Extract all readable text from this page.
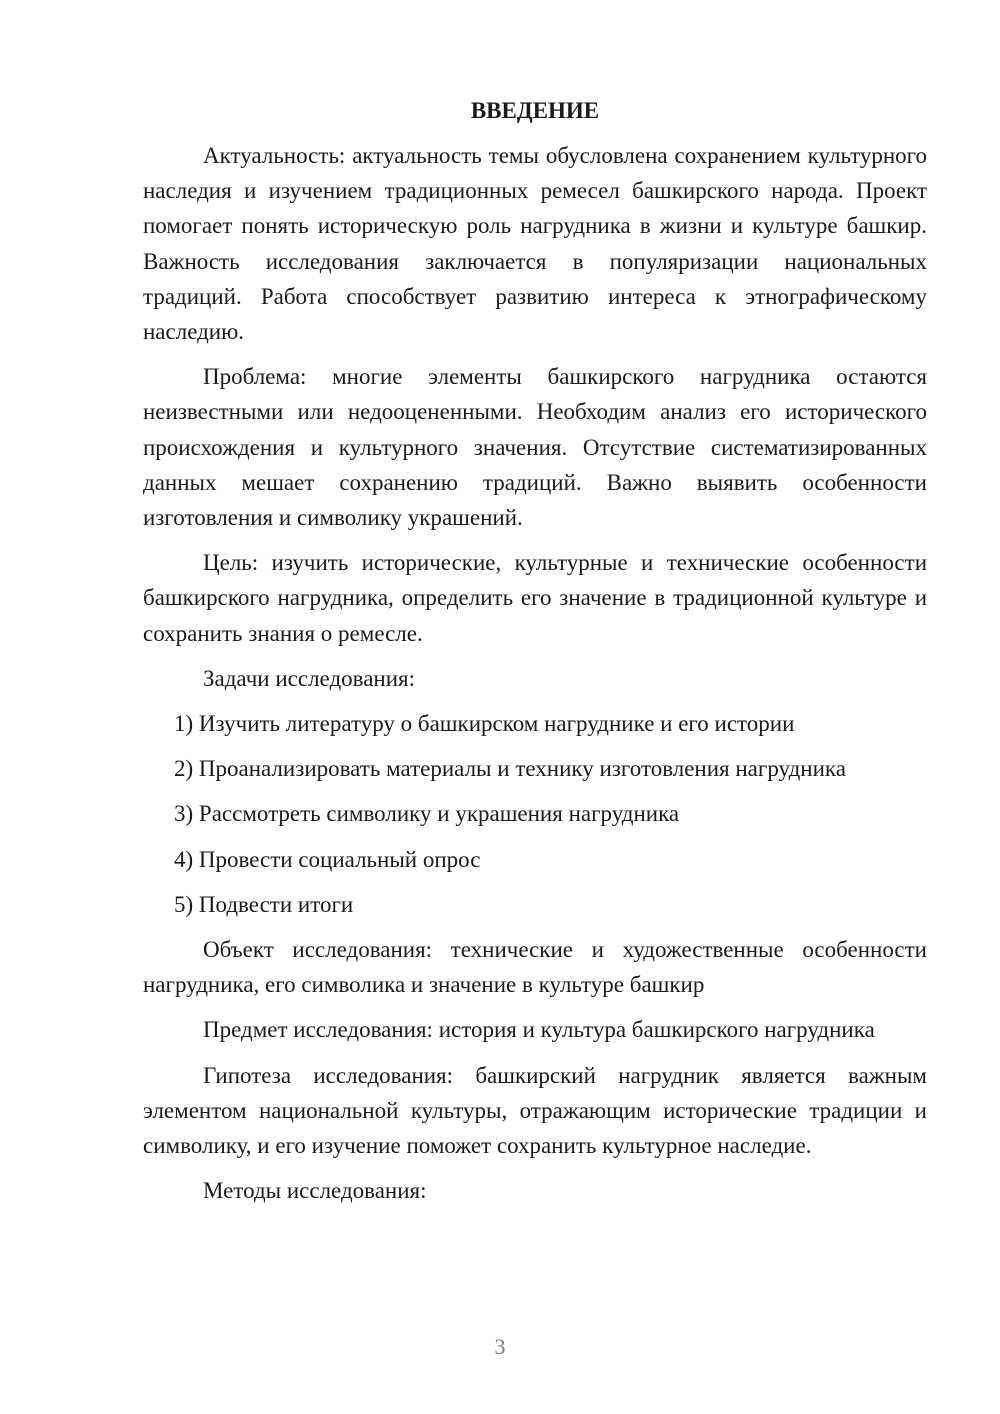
ВВЕДЕНИЕ

Актуальность: актуальность темы обусловлена сохранением культурного наследия и изучением традиционных ремесел башкирского народа. Проект помогает понять историческую роль нагрудника в жизни и культуре башкир. Важность исследования заключается в популяризации национальных традиций. Работа способствует развитию интереса к этнографическому наследию.

Проблема: многие элементы башкирского нагрудника остаются неизвестными или недооцененными. Необходим анализ его исторического происхождения и культурного значения. Отсутствие систематизированных данных мешает сохранению традиций. Важно выявить особенности изготовления и символику украшений.

Цель: изучить исторические, культурные и технические особенности башкирского нагрудника, определить его значение в традиционной культуре и сохранить знания о ремесле.

Задачи исследования:

1) Изучить литературу о башкирском нагруднике и его истории
2) Проанализировать материалы и технику изготовления нагрудника
3) Рассмотреть символику и украшения нагрудника
4) Провести социальный опрос
5) Подвести итоги

Объект исследования: технические и художественные особенности нагрудника, его символика и значение в культуре башкир

Предмет исследования: история и культура башкирского нагрудника

Гипотеза исследования: башкирский нагрудник является важным элементом национальной культуры, отражающим исторические традиции и символику, и его изучение поможет сохранить культурное наследие.

Методы исследования:

3
